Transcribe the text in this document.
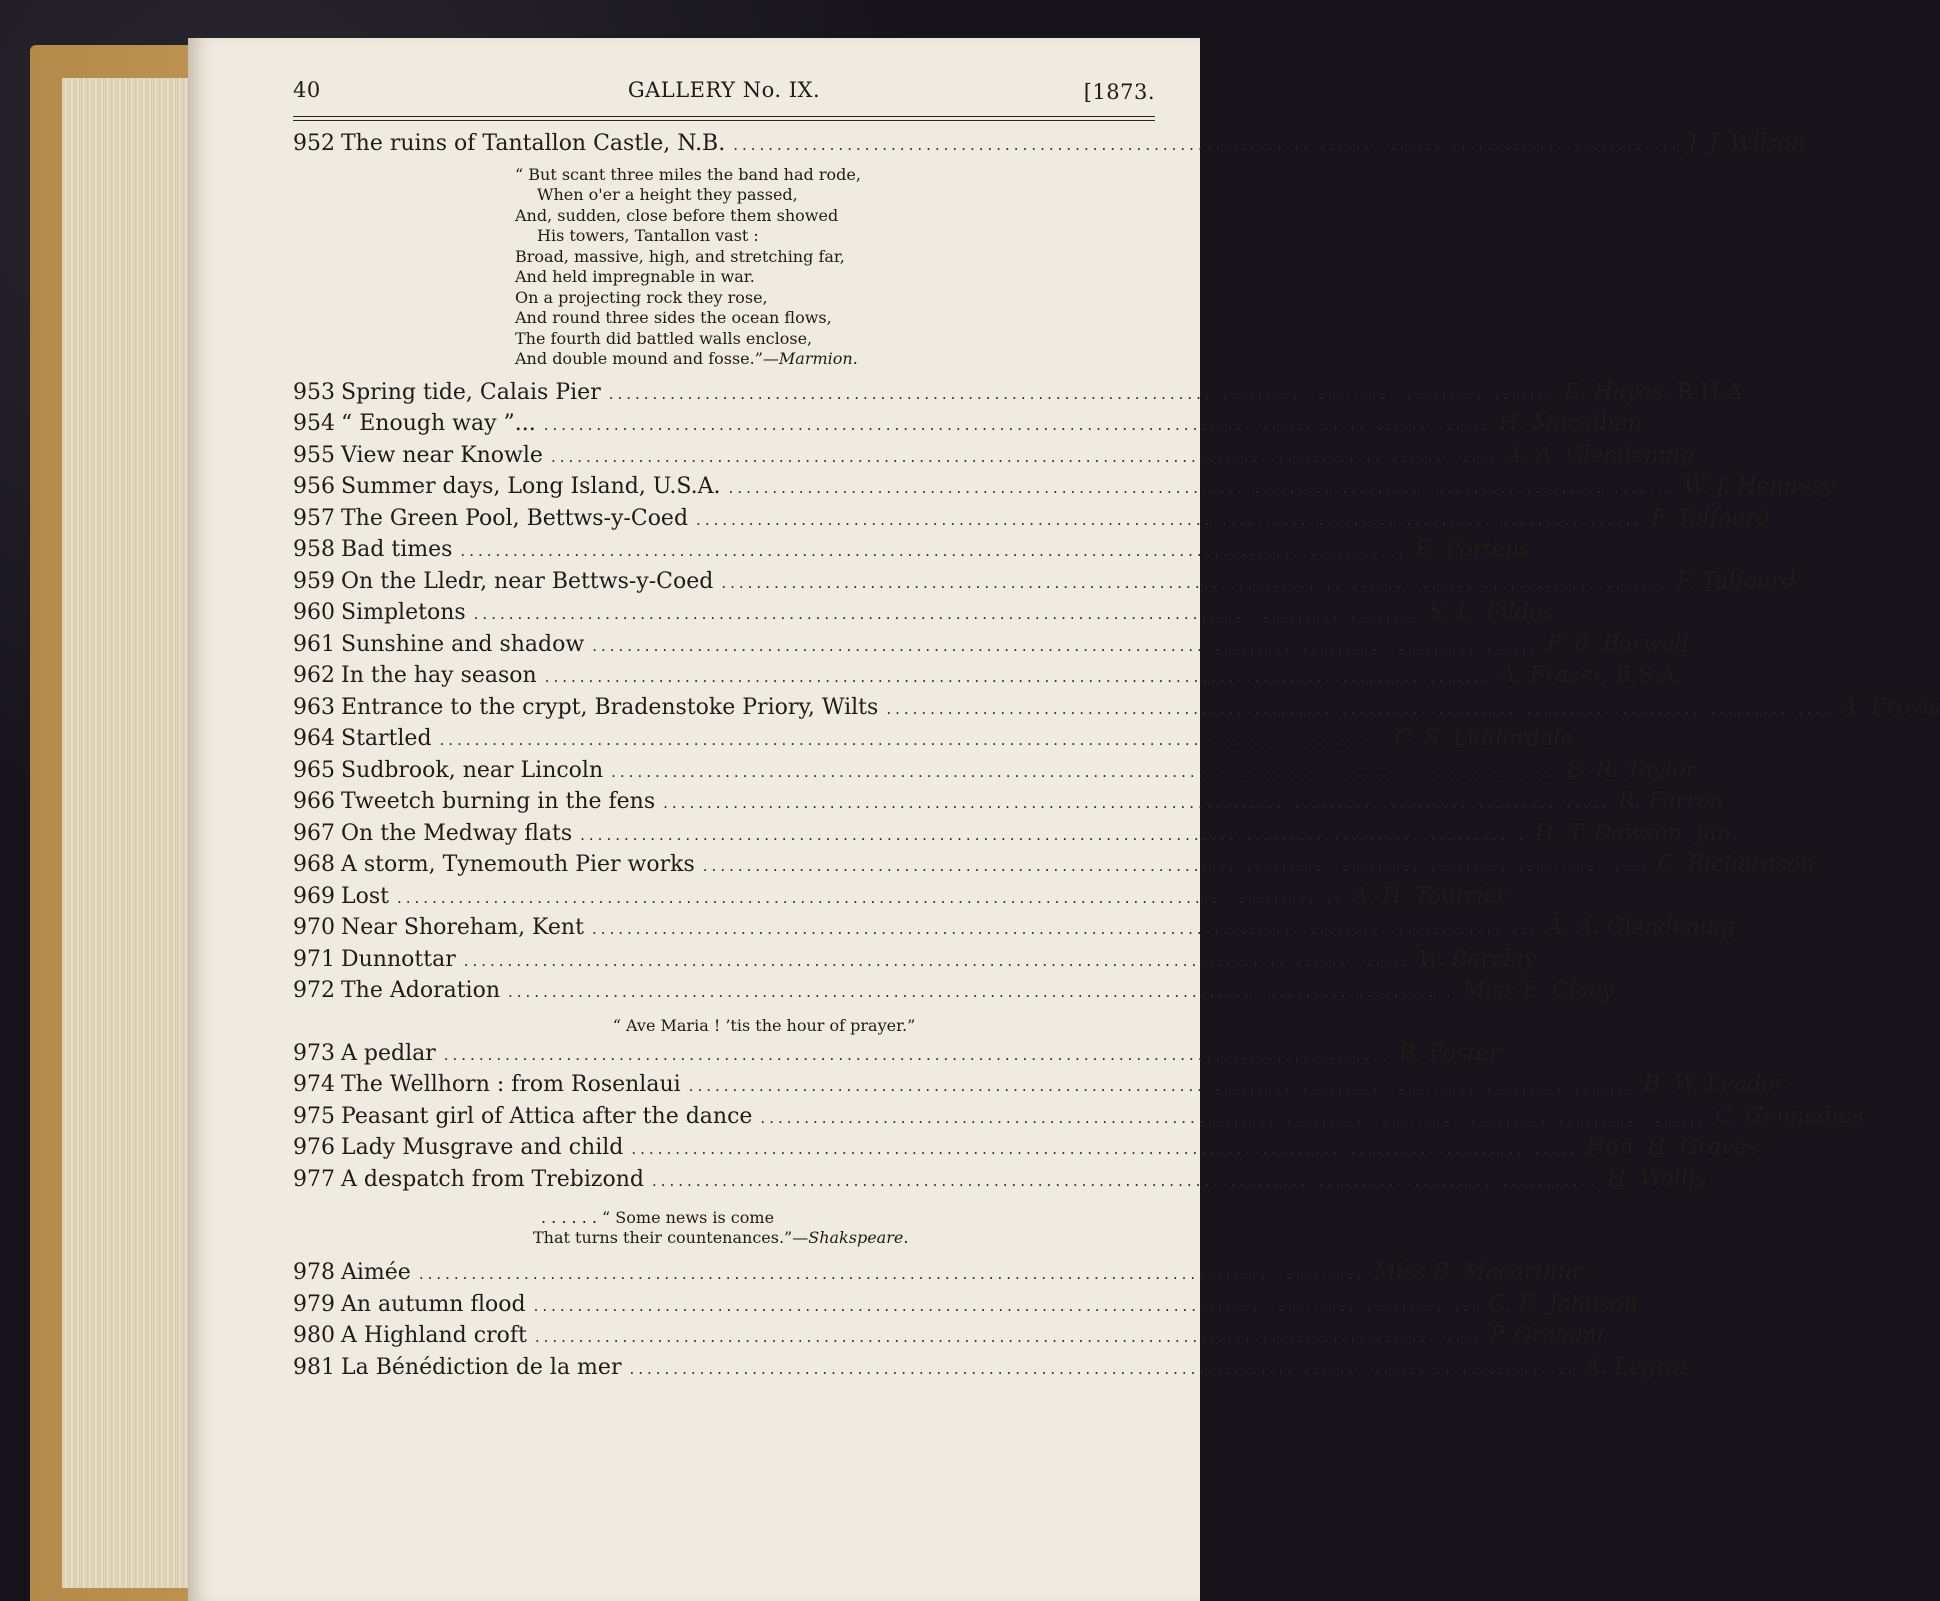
40	GALLERY No. IX.	[1873.
952 The ruins of Tantallon Castle, N.B. ............................................................................................................ J. J. Wilson
“ But scant three miles the band had rode,
When o'er a height they passed,
And, sudden, close before them showed
His towers, Tantallon vast :
Broad, massive, high, and stretching far,
And held impregnable in war.
On a projecting rock they rose,
And round three sides the ocean flows,
The fourth did battled walls enclose,
And double mound and fosse.”—Marmion.
953 Spring tide, Calais Pier ............................................................................................................ E. Hayes, R.H.A.
954 “ Enough way ”... ............................................................................................................ H. Macallum
955 View near Knowle ............................................................................................................ A. A. Glendening
956 Summer days, Long Island, U.S.A. ............................................................................................................ W. J. Hennesy
957 The Green Pool, Bettws-y-Coed ............................................................................................................ F. Talfourd
958 Bad times ............................................................................................................ E. Porteus
959 On the Lledr, near Bettws-y-Coed ............................................................................................................ F. Talfourd
960 Simpletons ............................................................................................................ S. L. Fildes
961 Sunshine and shadow ............................................................................................................ F. B. Barwell
962 In the hay season ............................................................................................................ A. Fraser, R.S.A.
963 Entrance to the crypt, Bradenstoke Priory, Wilts ............................................................................................................ A. Provis
964 Startled ............................................................................................................ C. S. Lidderdale
965 Sudbrook, near Lincoln ............................................................................................................ E. R. Taylor
966 Tweetch burning in the fens ............................................................................................................ R. Farren
967 On the Medway flats ............................................................................................................ H. T. Dawson, jun.
968 A storm, Tynemouth Pier works ............................................................................................................ C. Richardson
969 Lost ............................................................................................................ A. H. Tourrier
970 Near Shoreham, Kent ............................................................................................................ A. A. Glendening
971 Dunnottar ............................................................................................................ W. Barclay
972 The Adoration ............................................................................................................ Miss E. Clacy
“ Ave Maria ! ’tis the hour of prayer.”
973 A pedlar ............................................................................................................ B. Foster
974 The Wellhorn : from Rosenlaui ............................................................................................................ B. W. Leader
975 Peasant girl of Attica after the dance ............................................................................................................ C. Gennadios
976 Lady Musgrave and child ............................................................................................................ Hon. H. Graves
977 A despatch from Trebizond ............................................................................................................ H. Wallis
. . . . . . “ Some news is come
That turns their countenances.”—Shakspeare.
978 Aimée ............................................................................................................ Miss B. Macarthur
979 An autumn flood ............................................................................................................ C. E. Johnson
980 A Highland croft ............................................................................................................ P. Graham
981 La Bénédiction de la mer ............................................................................................................ A. Legros
